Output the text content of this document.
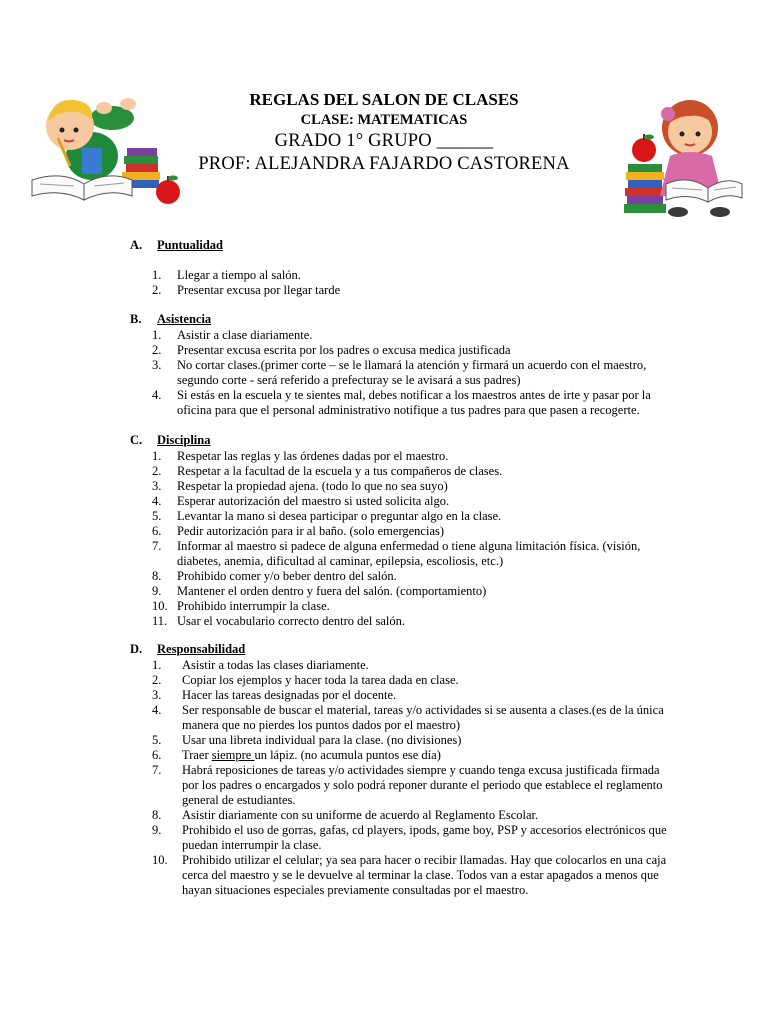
REGLAS DEL SALON DE CLASES

CLASE: MATEMATICAS

GRADO 1° GRUPO ______

PROF: ALEJANDRA FAJARDO CASTORENA

A. Puntualidad
1. Llegar a tiempo al salón.
2. Presentar excusa por llegar tarde
B. Asistencia
1. Asistir a clase diariamente.
2. Presentar excusa escrita por los padres o excusa medica justificada
3. No cortar clases.(primer corte – se le llamará la atención y firmará un acuerdo con el maestro, segundo corte - será referido a prefecturay se le avisará a sus padres)
4. Si estás en la escuela y te sientes mal, debes notificar a los maestros antes de irte y pasar por la oficina para que el personal administrativo notifique a tus padres para que pasen a recogerte.
C. Disciplina
1. Respetar las reglas y las órdenes dadas por el maestro.
2. Respetar a la facultad de la escuela y a tus compañeros de clases.
3. Respetar la propiedad ajena. (todo lo que no sea suyo)
4. Esperar autorización del maestro si usted solicita algo.
5. Levantar la mano si desea participar o preguntar algo en la clase.
6. Pedir autorización para ir al baño. (solo emergencias)
7. Informar al maestro si padece de alguna enfermedad o tiene alguna limitación física. (visión, diabetes, anemia, dificultad al caminar, epilepsia, escoliosis, etc.)
8. Prohibido comer y/o beber dentro del salón.
9. Mantener el orden dentro y fuera del salón. (comportamiento)
10. Prohibido interrumpir la clase.
11. Usar el vocabulario correcto dentro del salón.
D. Responsabilidad
1. Asistir a todas las clases diariamente.
2. Copiar los ejemplos y hacer toda la tarea dada en clase.
3. Hacer las tareas designadas por el docente.
4. Ser responsable de buscar el material, tareas y/o actividades si se ausenta a clases.(es de la única manera que no pierdes los puntos dados por el maestro)
5. Usar una libreta individual para la clase. (no divisiones)
6. Traer siempre un lápiz. (no acumula puntos ese día)
7. Habrá reposiciones de tareas y/o actividades siempre y cuando tenga excusa justificada firmada por los padres o encargados y solo podrá reponer durante el periodo que establece el reglamento general de estudiantes.
8. Asistir diariamente con su uniforme de acuerdo al Reglamento Escolar.
9. Prohibido el uso de gorras, gafas, cd players, ipods, game boy, PSP y accesorios electrónicos que puedan interrumpir la clase.
10. Prohibido utilizar el celular; ya sea para hacer o recibir llamadas. Hay que colocarlos en una caja cerca del maestro y se le devuelve al terminar la clase. Todos van a estar apagados a menos que hayan situaciones especiales previamente consultadas por el maestro.
